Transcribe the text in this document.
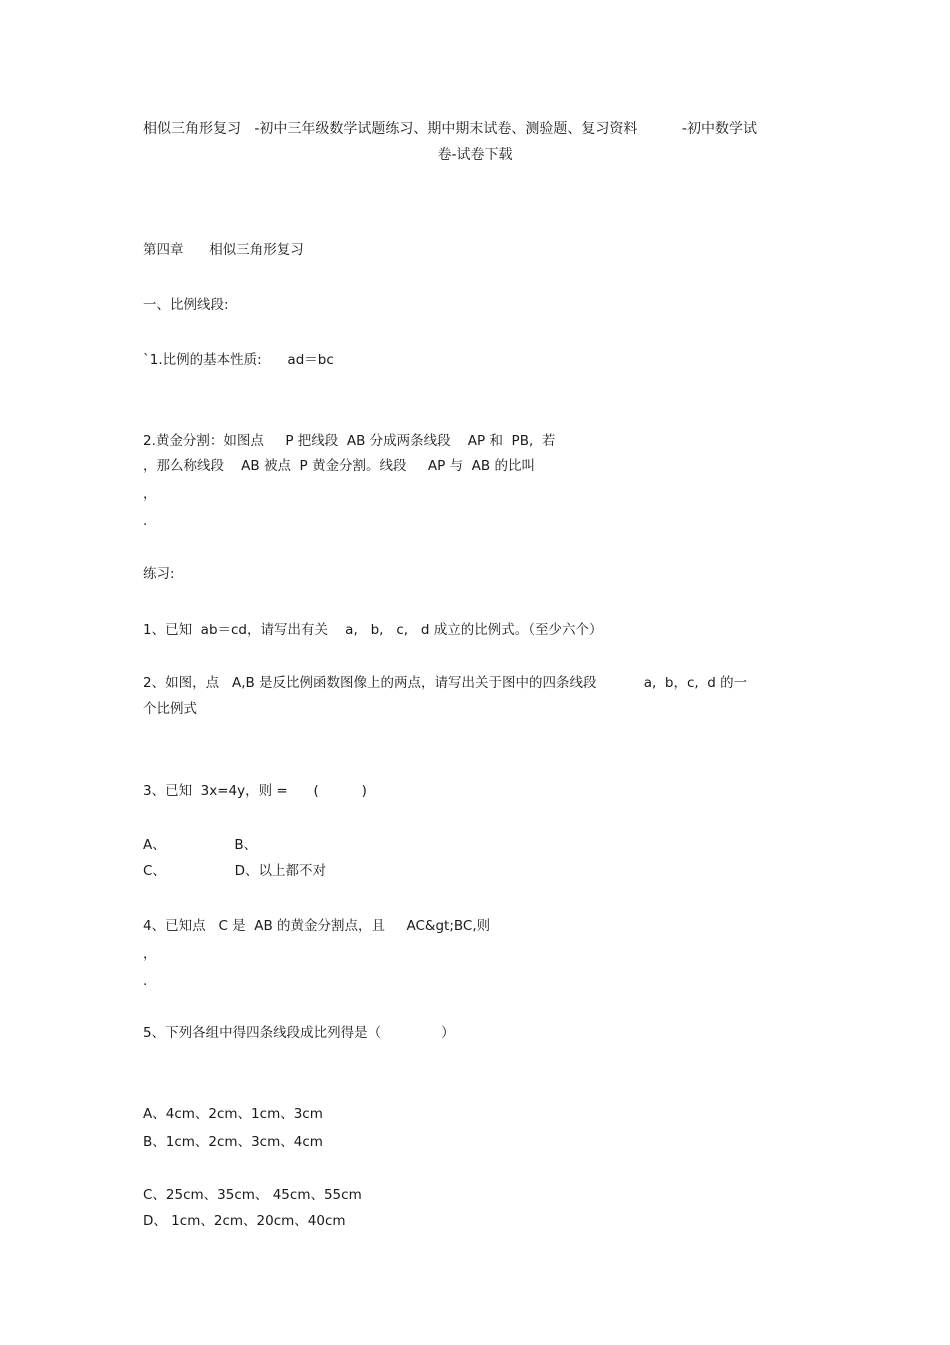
相似三角形复习   -初中三年级数学试题练习、期中期末试卷、测验题、复习资料          -初中数学试
卷-试卷下载
第四章      相似三角形复习
一、比例线段:
`1.比例的基本性质:      ad＝bc
2.黄金分割：如图点     P 把线段  AB 分成两条线段    AP 和  PB,  若
，那么称线段    AB 被点  P 黄金分割。线段     AP 与  AB 的比叫
，
.
练习:
1、已知  ab＝cd，请写出有关    a,   b,   c,   d 成立的比例式。（至少六个）
2、如图，点   A,B 是反比例函数图像上的两点，请写出关于图中的四条线段           a,  b，c,  d 的一
个比例式
3、已知  3x=4y，则 =      (          )
A、                B、
C、                D、以上都不对
4、已知点   C 是  AB 的黄金分割点，且     AC&gt;BC,则
，
.
5、下列各组中得四条线段成比列得是（              ）
A、4cm、2cm、1cm、3cm
B、1cm、2cm、3cm、4cm
C、25cm、35cm、 45cm、55cm
D、 1cm、2cm、20cm、40cm
